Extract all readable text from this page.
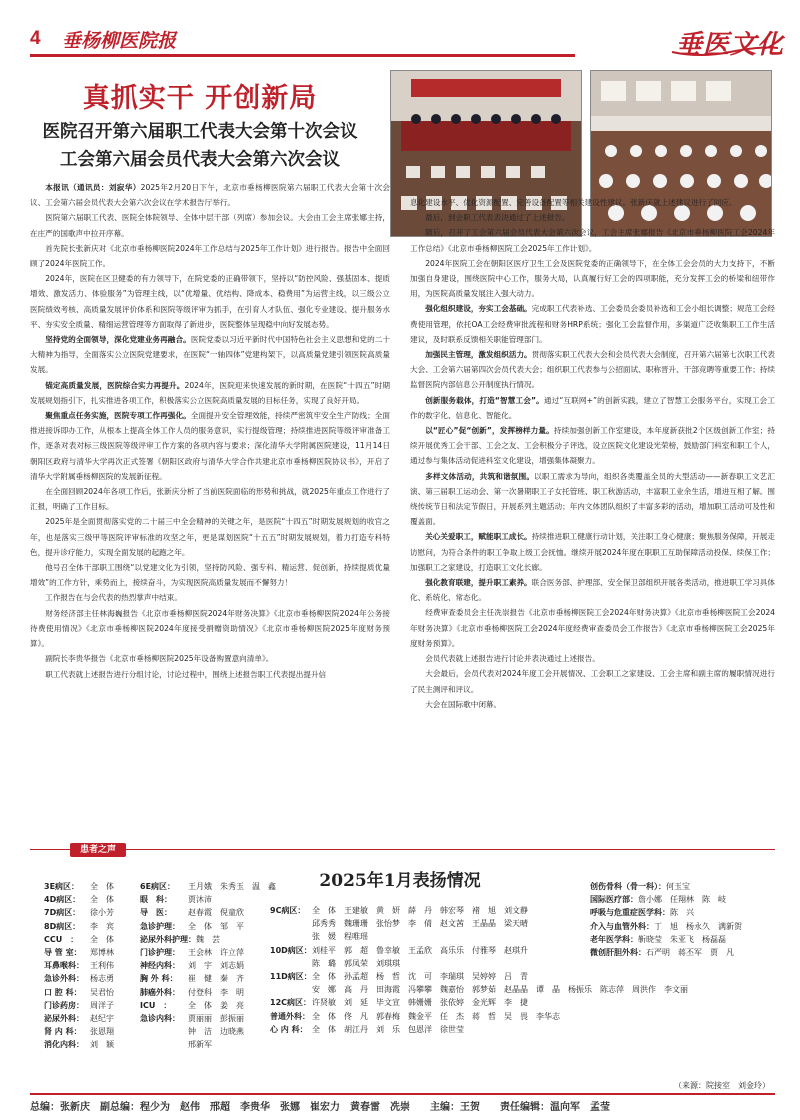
4 垂杨柳医院报	垂医文化
真抓实干 开创新局
医院召开第六届职工代表大会第十次会议
工会第六届会员代表大会第六次会议

本报讯（通讯员：刘寂华）2025年2月20日下午，北京市垂杨柳医院第六届职工代表大会第十次会议、工会第六届会员代表大会第六次会议在学术报告厅举行。

医院第六届职工代表、医院全体院领导、全体中层干部（列席）参加会议。大会由工会主席张娜主持，在庄严的国歌声中拉开序幕。

首先院长张新庆对《北京市垂杨柳医院2024年工作总结与2025年工作计划》进行报告。报告中全面回顾了2024年医院工作。

2024年，医院在区卫健委的有力领导下，在院党委的正确带领下，坚持以“防控风险、强基固本、提质增效、激发活力、体验服务”为管理主线，以“优增量、优结构、降成本、稳费用”为运营主线，以三级公立医院绩效考核、高质量发展评价体系和医院等级评审为抓手，在引育人才队伍、强化专业建设、提升服务水平、夯实安全质量、精细运营管理等方面取得了新进步，医院整体呈现稳中向好发展态势。

坚持党的全面领导，深化党建业务再融合。医院党委以习近平新时代中国特色社会主义思想和党的二十大精神为指导，全面落实公立医院党建要求，在医院“一轴四体”党建构架下，以高质量党建引领医院高质量发展。

锚定高质量发展，医院综合实力再提升。2024年，医院迎来快速发展的新时期，在医院“十四五”时期发展规划指引下，扎实推进各项工作，积极落实公立医院高质量发展的目标任务，实现了良好开局。

聚焦重点任务实施，医院专项工作再强化。全面提升安全管理效能，持续严密筑牢安全生产防线；全面推进接诉即办工作，从根本上提高全体工作人员的服务意识，实行提级管理；持续推进医院等级评审准备工作，逐条对表对标三级医院等级评审工作方案的各项内容与要求；深化清华大学附属医院建设，11月14日朝阳区政府与清华大学再次正式签署《朝阳区政府与清华大学合作共建北京市垂杨柳医院协议书》，开启了清华大学附属垂杨柳医院的发展新征程。

在全面回顾2024年各项工作后，张新庆分析了当前医院面临的形势和挑战，就2025年重点工作进行了汇报，明确了工作目标。

2025年是全面贯彻落实党的二十届三中全会精神的关键之年，是医院“十四五”时期发展规划的收官之年，也是落实三级甲等医院评审标准的攻坚之年，更是谋划医院“十五五”时期发展规划，着力打造专科特色，提升诊疗能力，实现全面发展的起跑之年。

他号召全体干部职工围绕“以党建文化为引领，坚持防风险、强专科、精运营、促创新，持续提质优量增效”的工作方针，乘势而上，接续奋斗，为实现医院高质量发展而不懈努力！

工作报告在与会代表的热烈掌声中结束。

财务经济部主任林海巍报告《北京市垂杨柳医院2024年财务决算》《北京市垂杨柳医院2024年公务接待费使用情况》《北京市垂杨柳医院2024年度接受捐赠资助情况》《北京市垂杨柳医院2025年度财务预算》。

副院长李贵华报告《北京市垂杨柳医院2025年设备购置意向清单》。

职工代表就上述报告进行分组讨论，讨论过程中，围绕上述报告职工代表提出提升信

息化建设水平、优化资源配置、完善设备配置等相关建设性建议。张新庆就上述建议进行了回应。

最后，到会职工代表表决通过了上述报告。

随后，召开了工会第六届会员代表大会第六次会议，工会主席张娜报告《北京市垂杨柳医院工会2024年工作总结》《北京市垂杨柳医院工会2025年工作计划》。

2024年医院工会在朝阳区医疗卫生工会及医院党委的正确领导下，在全体工会会员的大力支持下，不断加强自身建设，围绕医院中心工作，服务大局，认真履行好工会的四项职能，充分发挥工会的桥梁和纽带作用，为医院高质量发展注入强大动力。

强化组织建设，夯实工会基础。完成职工代表补选、工会委员会委员补选和工会小组长调整；规范工会经费使用管理，依托OA工会经费审批流程和财务HRP系统；强化工会监督作用，多渠道广泛收集职工工作生活建议，及时联系反馈相关职能管理部门。

加强民主管理，激发组织活力。贯彻落实职工代表大会和会员代表大会制度，召开第六届第七次职工代表大会、工会第六届第四次会员代表大会；组织职工代表参与公招面试、职称晋升、干部竞聘等重要工作；持续监督医院内部信息公开制度执行情况。

创新服务载体，打造“智慧工会”。通过“互联网+”的创新实践，建立了智慧工会服务平台，实现工会工作的数字化、信息化、智能化。

以“匠心”促“创新”，发挥榜样力量。持续加强创新工作室建设，本年度新获批2个区级创新工作室；持续开展优秀工会干部、工会之友、工会积极分子评选，设立医院文化建设光荣榜，鼓励部门科室和职工个人，通过参与集体活动促进科室文化建设，增强集体凝聚力。

多样文体活动，共筑和谐氛围。以职工需求为导向，组织各类覆盖全员的大型活动——新春职工文艺汇演、第三届职工运动会、第一次暑期职工子女托管班、职工秋游活动，丰富职工业余生活，增进互相了解。围绕传统节日和法定节假日，开展系列主题活动；年内文体团队组织了丰富多彩的活动，增加职工活动可及性和覆盖面。

关心关爱职工，赋能职工成长。持续推进职工健康行动计划，关注职工身心健康；聚焦服务保障，开展走访慰问，为符合条件的职工争取上级工会抚恤。继续开展2024年度在职职工互助保障活动投保、续保工作；加强职工之家建设，打造职工文化长廊。

强化教育联建，提升职工素养。联合医务部、护理部、安全保卫部组织开展各类活动，推进职工学习具体化、系统化、常态化。

经费审查委员会主任冼崇报告《北京市垂杨柳医院工会2024年财务决算》《北京市垂杨柳医院工会2024年财务决算》《北京市垂杨柳医院工会2024年度经费审查委员会工作报告》《北京市垂杨柳医院工会2025年度财务预算》。

会员代表就上述报告进行讨论并表决通过上述报告。

大会最后，会员代表对2024年度工会开展情况、工会职工之家建设、工会主席和副主席的履职情况进行了民主测评和评议。

大会在国际歌中闭幕。

患者之声
2025年1月表扬情况
3E病区： 全　体
4D病区： 全　体
7D病区： 徐小芳
8D病区： 李　宾
CCU　： 全　体
导 管 室： 郑博林
耳鼻喉科： 王利伟
急诊外科： 杨志勇
口 腔 科： 吴君怡
门诊药房： 周洋子
泌尿外科： 赵纪宇
肾 内 科： 张恩翔
消化内科： 刘　颖
6E病区： 王月娥　朱秀玉　温　鑫
眼　科： 贾沐沛
导　医： 赵春霞　倪童欣
急诊护理： 全　体　邹　平
泌尿外科护理：魏　芸
门诊护理： 王会林　许立萍
神经内科： 刘　宇　刘志娟
胸 外 科： 崔　健　秦　齐
肺癌外科： 付登科　李　明
ICU　： 全　体　姜　亮
急诊内科： 贾丽丽　彭振丽
钟　洁　边晓燕
邢新军
9C病区： 全　体　王建敏　黄　妍　薛　丹　韩宏琴　褚　旭　刘文静
邱秀秀　魏珊珊　张怡梦　李　倩　赵文茜　王晶晶　梁天晴
张　媛　程唯瑶
10D病区：刘桂平　郭　超　鲁幸敏　王孟欣　高乐乐　付雅琴　赵琪升
陈　璐　郭凤荣　刘琪琪
11D病区：全　体　孙孟超　杨　哲　沈　可　李瑞琪　吴婷婷　吕　青
安　娜　高　丹　田海霞　冯攀攀　魏嘉怡　郭梦茹　赵晶晶　谭　晶　杨振乐　陈志萍　周洪作　李文丽
12C病区：许贤敏　刘　延　毕文宣　韩姗姗　张依婷　金光辉　李　捷
普通外科： 全　体　佟　凡　郭春梅　魏金平　任　杰　蒋　哲　吴　畏　李华志
心 内 科： 全　体　胡江丹　刘　乐　包恩洋　徐世莹
创伤骨科（骨一科）：何玉宝
国际医疗部：詹小娜　任翔林　陈　岐
呼吸与危重症医学科：陈　兴
介入与血管外科：丁　旭　杨永久　满新贺
老年医学科：靳晓莹　朱亚飞　杨磊磊
微创肝胆外科：石严明　蒋丕军　贾　凡
（来源：院接室　刘金玲）
总编：张新庆　副总编：程少为　赵伟　邢超　李贵华　张娜　崔宏力　黄春雷　冼崇　　主编：王贺　　责任编辑：温向军　孟莹
